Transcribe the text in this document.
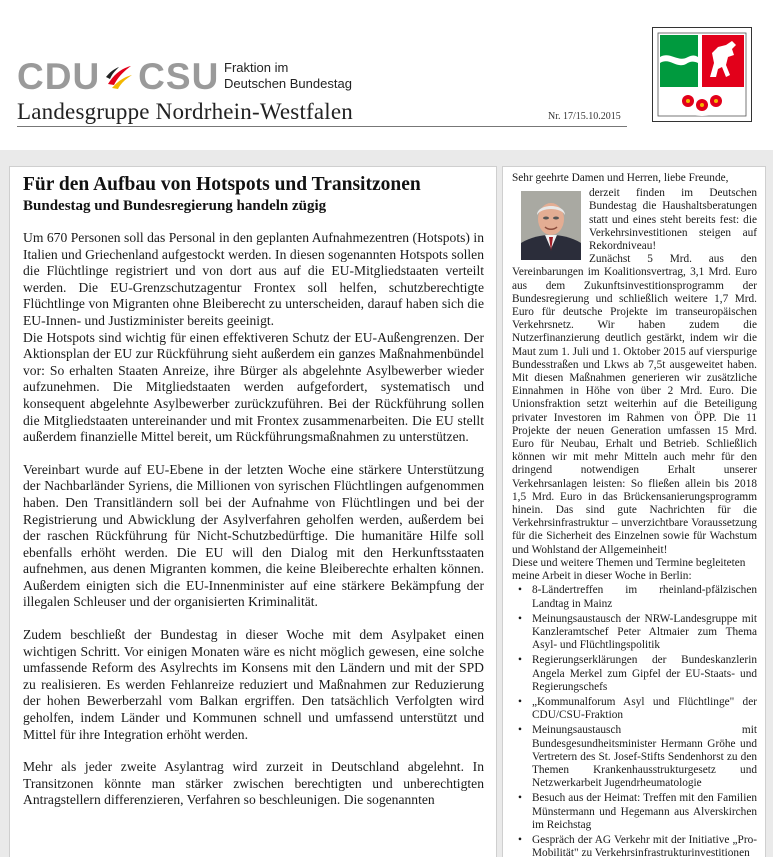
CDU CSU Fraktion im
Deutschen Bundestag
Landesgruppe Nordrhein-Westfalen	Nr. 17/15.10.2015
Für den Aufbau von Hotspots und Transitzonen
Bundestag und Bundesregierung handeln zügig

Um 670 Personen soll das Personal in den geplanten Aufnahmezentren (Hotspots) in Italien und Griechenland aufgestockt werden. In diesen sogenannten Hotspots sollen die Flüchtlinge registriert und von dort aus auf die EU-Mitgliedstaaten verteilt werden. Die EU-Grenzschutzagentur Frontex soll helfen, schutzberechtigte Flüchtlinge von Migranten ohne Bleiberecht zu unterscheiden, darauf haben sich die EU-Innen- und Justizminister bereits geeinigt.

Die Hotspots sind wichtig für einen effektiveren Schutz der EU-Außengrenzen. Der Aktionsplan der EU zur Rückführung sieht außerdem ein ganzes Maßnahmenbündel vor: So erhalten Staaten Anreize, ihre Bürger als abgelehnte Asylbewerber wieder aufzunehmen. Die Mitgliedstaaten werden aufgefordert, systematisch und konsequent abgelehnte Asylbewerber zurückzuführen. Bei der Rückführung sollen die Mitgliedstaaten untereinander und mit Frontex zusammenarbeiten. Die EU stellt außerdem finanzielle Mittel bereit, um Rückführungsmaßnahmen zu unterstützen.

Vereinbart wurde auf EU-Ebene in der letzten Woche eine stärkere Unterstützung der Nachbarländer Syriens, die Millionen von syrischen Flüchtlingen aufgenommen haben. Den Transitländern soll bei der Aufnahme von Flüchtlingen und bei der Registrierung und Abwicklung der Asylverfahren geholfen werden, außerdem bei der raschen Rückführung für Nicht-Schutzbedürftige. Die humanitäre Hilfe soll ebenfalls erhöht werden. Die EU will den Dialog mit den Herkunftsstaaten aufnehmen, aus denen Migranten kommen, die keine Bleiberechte erhalten können. Außerdem einigten sich die EU-Innenminister auf eine stärkere Bekämpfung der illegalen Schleuser und der organisierten Kriminalität.

Zudem beschließt der Bundestag in dieser Woche mit dem Asylpaket einen wichtigen Schritt. Vor einigen Monaten wäre es nicht möglich gewesen, eine solche umfassende Reform des Asylrechts im Konsens mit den Ländern und mit der SPD zu realisieren. Es werden Fehlanreize reduziert und Maßnahmen zur Reduzierung der hohen Bewerberzahl vom Balkan ergriffen. Den tatsächlich Verfolgten wird geholfen, indem Länder und Kommunen schnell und umfassend unterstützt und Mittel für ihre Integration erhöht werden.

Mehr als jeder zweite Asylantrag wird zurzeit in Deutschland abgelehnt. In Transitzonen könnte man stärker zwischen berechtigten und unberechtigten Antragstellern differenzieren, Verfahren so beschleunigen. Die sogenannten

Sehr geehrte Damen und Herren, liebe Freunde,
derzeit finden im Deutschen Bundestag die Haushaltsberatungen statt und eines steht bereits fest: die Verkehrsinvestitionen steigen auf Rekordniveau!
Zunächst 5 Mrd. aus den Vereinbarungen im Koalitionsvertrag, 3,1 Mrd. Euro aus dem Zukunftsinvestitionsprogramm der Bundesregierung und schließlich weitere 1,7 Mrd. Euro für deutsche Projekte im transeuropäischen Verkehrsnetz. Wir haben zudem die Nutzerfinanzierung deutlich gestärkt, indem wir die Maut zum 1. Juli und 1. Oktober 2015 auf vierspurige Bundesstraßen und Lkws ab 7,5t ausgeweitet haben. Mit diesen Maßnahmen generieren wir zusätzliche Einnahmen in Höhe von über 2 Mrd. Euro. Die Unionsfraktion setzt weiterhin auf die Beteiligung privater Investoren im Rahmen von ÖPP. Die 11 Projekte der neuen Generation umfassen 15 Mrd. Euro für Neubau, Erhalt und Betrieb. Schließlich können wir mit mehr Mitteln auch mehr für den dringend notwendigen Erhalt unserer Verkehrsanlagen leisten: So fließen allein bis 2018 1,5 Mrd. Euro in das Brückensanierungsprogramm hinein. Das sind gute Nachrichten für die Verkehrsinfrastruktur – unverzichtbare Voraussetzung für die Sicherheit des Einzelnen sowie für Wachstum und Wohlstand der Allgemeinheit!
Diese und weitere Themen und Termine begleiteten meine Arbeit in dieser Woche in Berlin:
• 8-Ländertreffen im rheinland-pfälzischen Landtag in Mainz
• Meinungsaustausch der NRW-Landesgruppe mit Kanzleramtschef Peter Altmaier zum Thema Asyl- und Flüchtlingspolitik
• Regierungserklärungen der Bundeskanzlerin Angela Merkel zum Gipfel der EU-Staats- und Regierungschefs
• „Kommunalforum Asyl und Flüchtlinge" der CDU/CSU-Fraktion
• Meinungsaustausch mit Bundesgesundheitsminister Hermann Gröhe und Vertretern des St. Josef-Stifts Sendenhorst zu den Themen Krankenhausstrukturgesetz und Netzwerkarbeit Jugendrheumatologie
• Besuch aus der Heimat: Treffen mit den Familien Münstermann und Hegemann aus Alverskirchen im Reichstag
• Gespräch der AG Verkehr mit der Initiative „Pro-Mobilität" zu Verkehrsinfrastrukturinvestitionen
